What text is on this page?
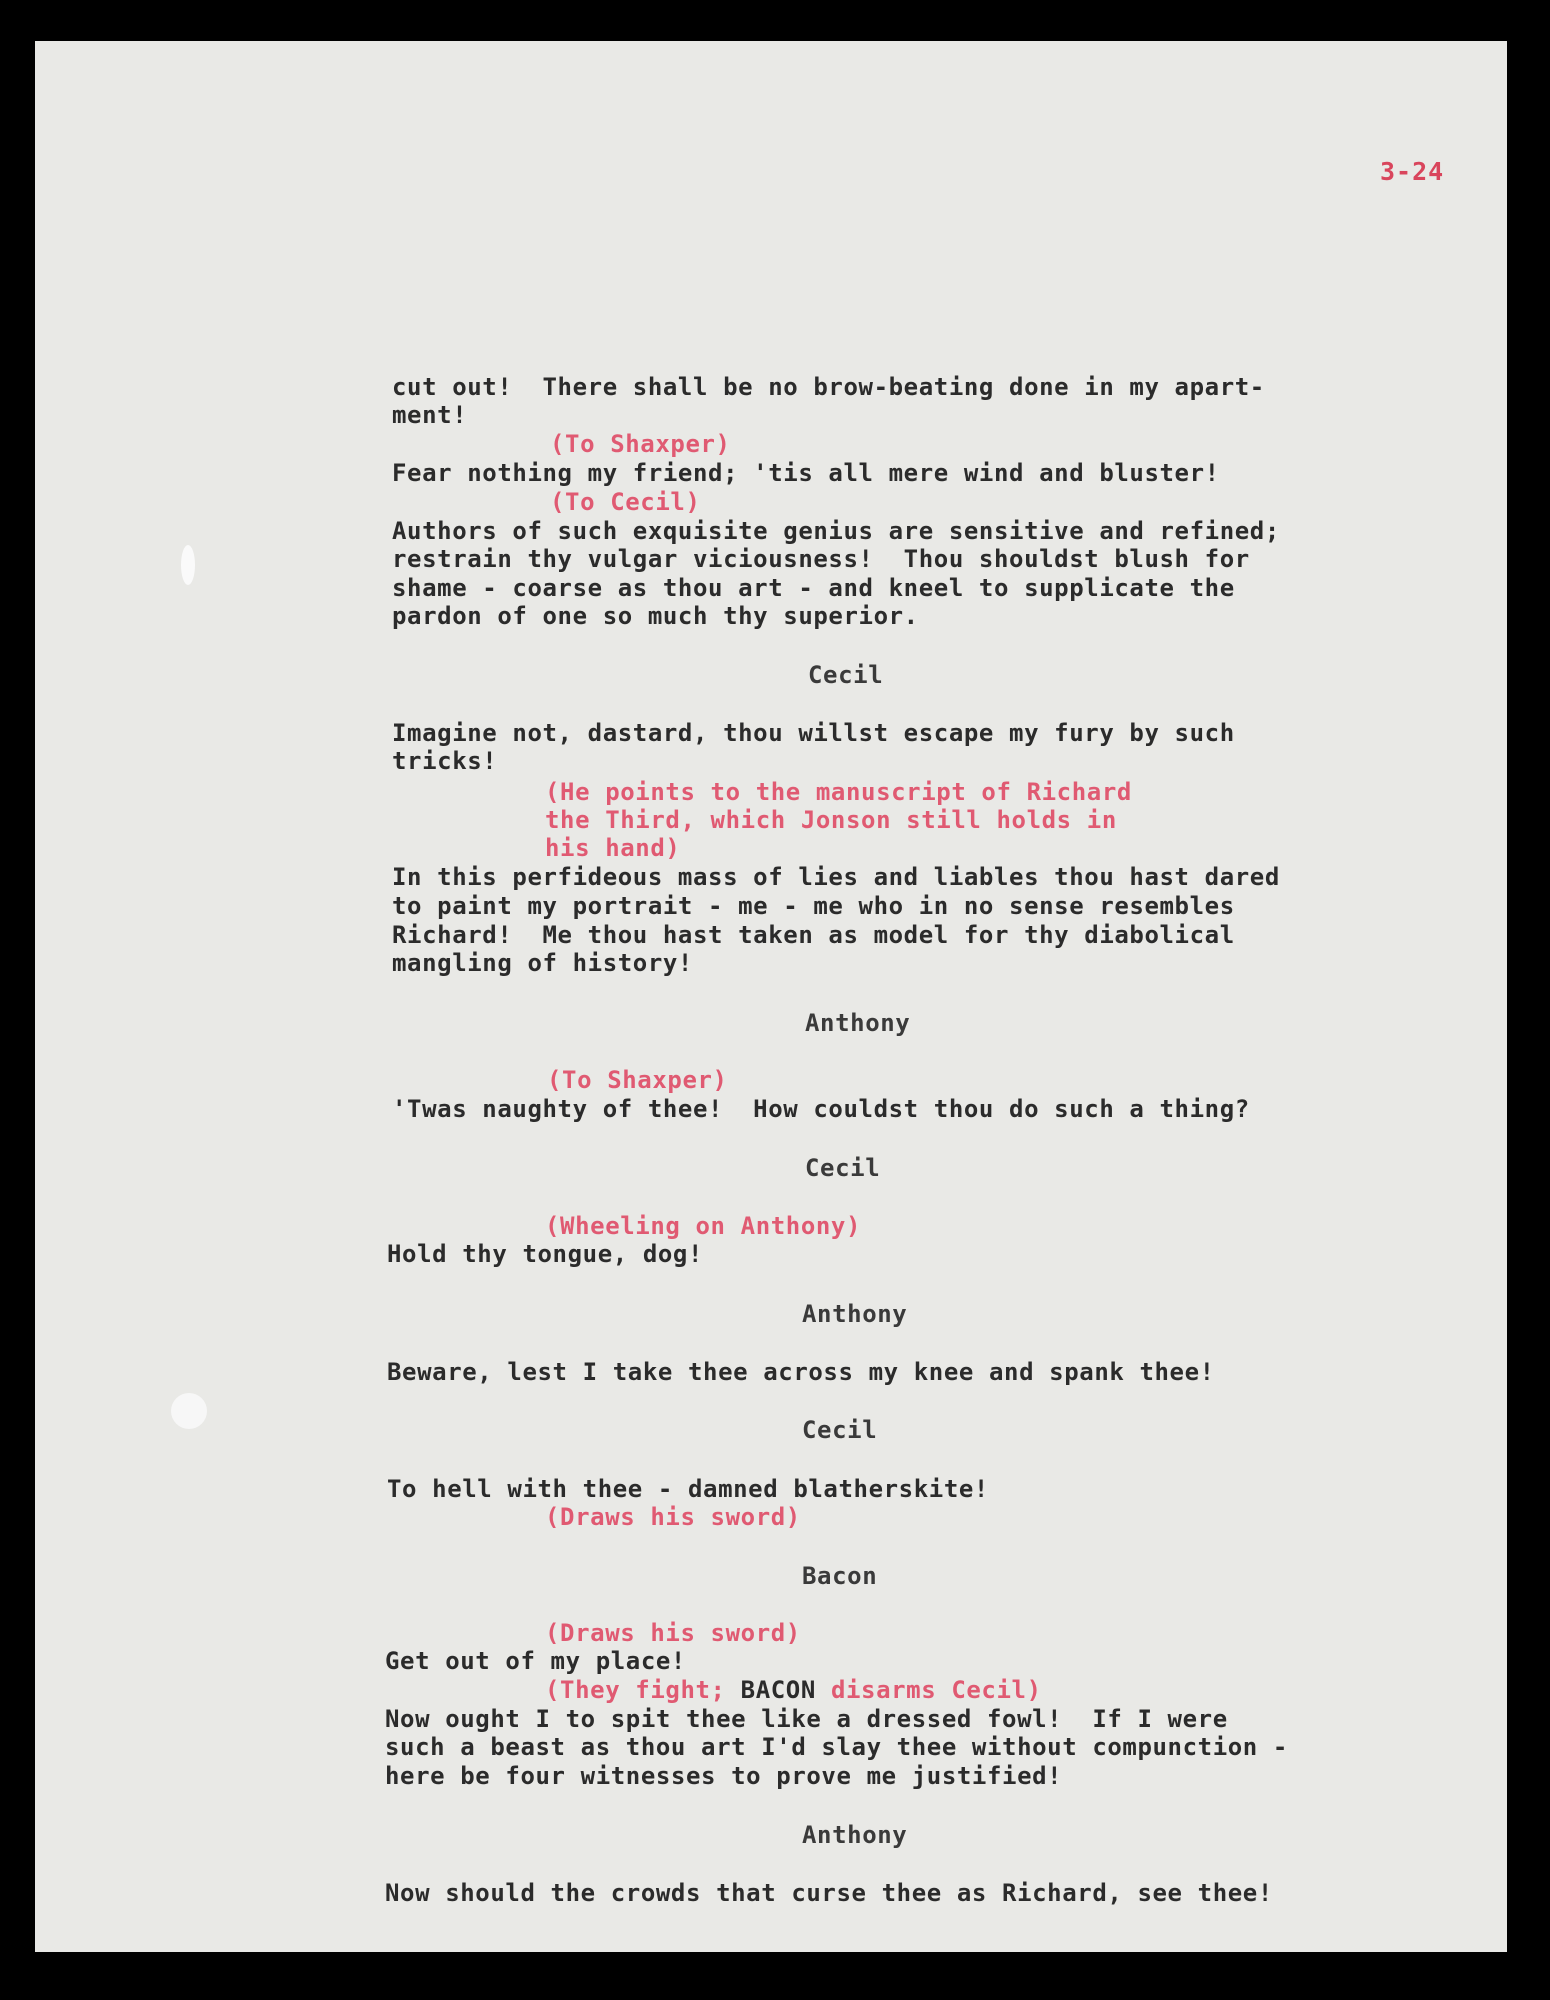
3-24
cut out!  There shall be no brow-beating done in my apart-
ment!
(To Shaxper)
Fear nothing my friend; 'tis all mere wind and bluster!
(To Cecil)
Authors of such exquisite genius are sensitive and refined;
restrain thy vulgar viciousness!  Thou shouldst blush for
shame - coarse as thou art - and kneel to supplicate the
pardon of one so much thy superior.
Cecil
Imagine not, dastard, thou willst escape my fury by such
tricks!
(He points to the manuscript of Richard
the Third, which Jonson still holds in
his hand)
In this perfideous mass of lies and liables thou hast dared
to paint my portrait - me - me who in no sense resembles
Richard!  Me thou hast taken as model for thy diabolical
mangling of history!
Anthony
(To Shaxper)
'Twas naughty of thee!  How couldst thou do such a thing?
Cecil
(Wheeling on Anthony)
Hold thy tongue, dog!
Anthony
Beware, lest I take thee across my knee and spank thee!
Cecil
To hell with thee - damned blatherskite!
(Draws his sword)
Bacon
(Draws his sword)
Get out of my place!
(They fight; BACON disarms Cecil)
Now ought I to spit thee like a dressed fowl!  If I were
such a beast as thou art I'd slay thee without compunction -
here be four witnesses to prove me justified!
Anthony
Now should the crowds that curse thee as Richard, see thee!
